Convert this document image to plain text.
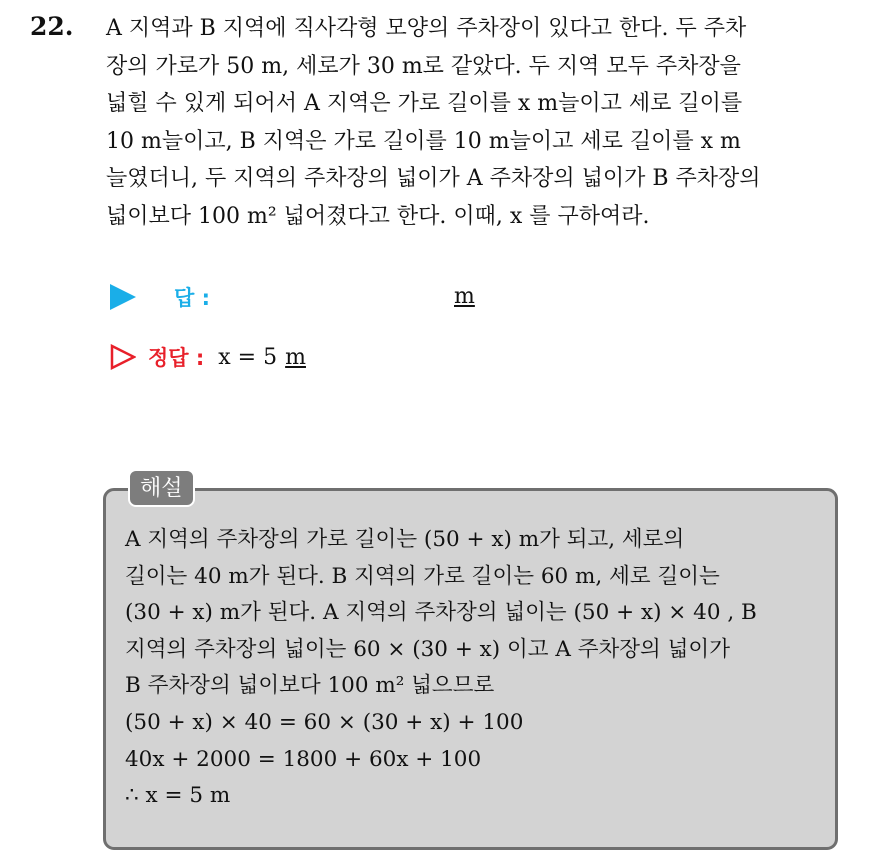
22. A 지역과 B 지역에 직사각형 모양의 주차장이 있다고 한다. 두 주차
장의 가로가 50 m, 세로가 30 m로 같았다. 두 지역 모두 주차장을
넓힐 수 있게 되어서 A 지역은 가로 길이를 x m늘이고 세로 길이를
10 m늘이고, B 지역은 가로 길이를 10 m늘이고 세로 길이를 x m
늘였더니, 두 지역의 주차장의 넓이가 A 주차장의 넓이가 B 주차장의
넓이보다 100 m² 넓어졌다고 한다. 이때, x 를 구하여라.
답 :	m
정답 : x = 5 m
해설
A 지역의 주차장의 가로 길이는 (50 + x) m가 되고, 세로의
길이는 40 m가 된다. B 지역의 가로 길이는 60 m, 세로 길이는
(30 + x) m가 된다. A 지역의 주차장의 넓이는 (50 + x) × 40 , B
지역의 주차장의 넓이는 60 × (30 + x) 이고 A 주차장의 넓이가
B 주차장의 넓이보다 100 m² 넓으므로
(50 + x) × 40 = 60 × (30 + x) + 100
40x + 2000 = 1800 + 60x + 100
∴ x = 5 m
